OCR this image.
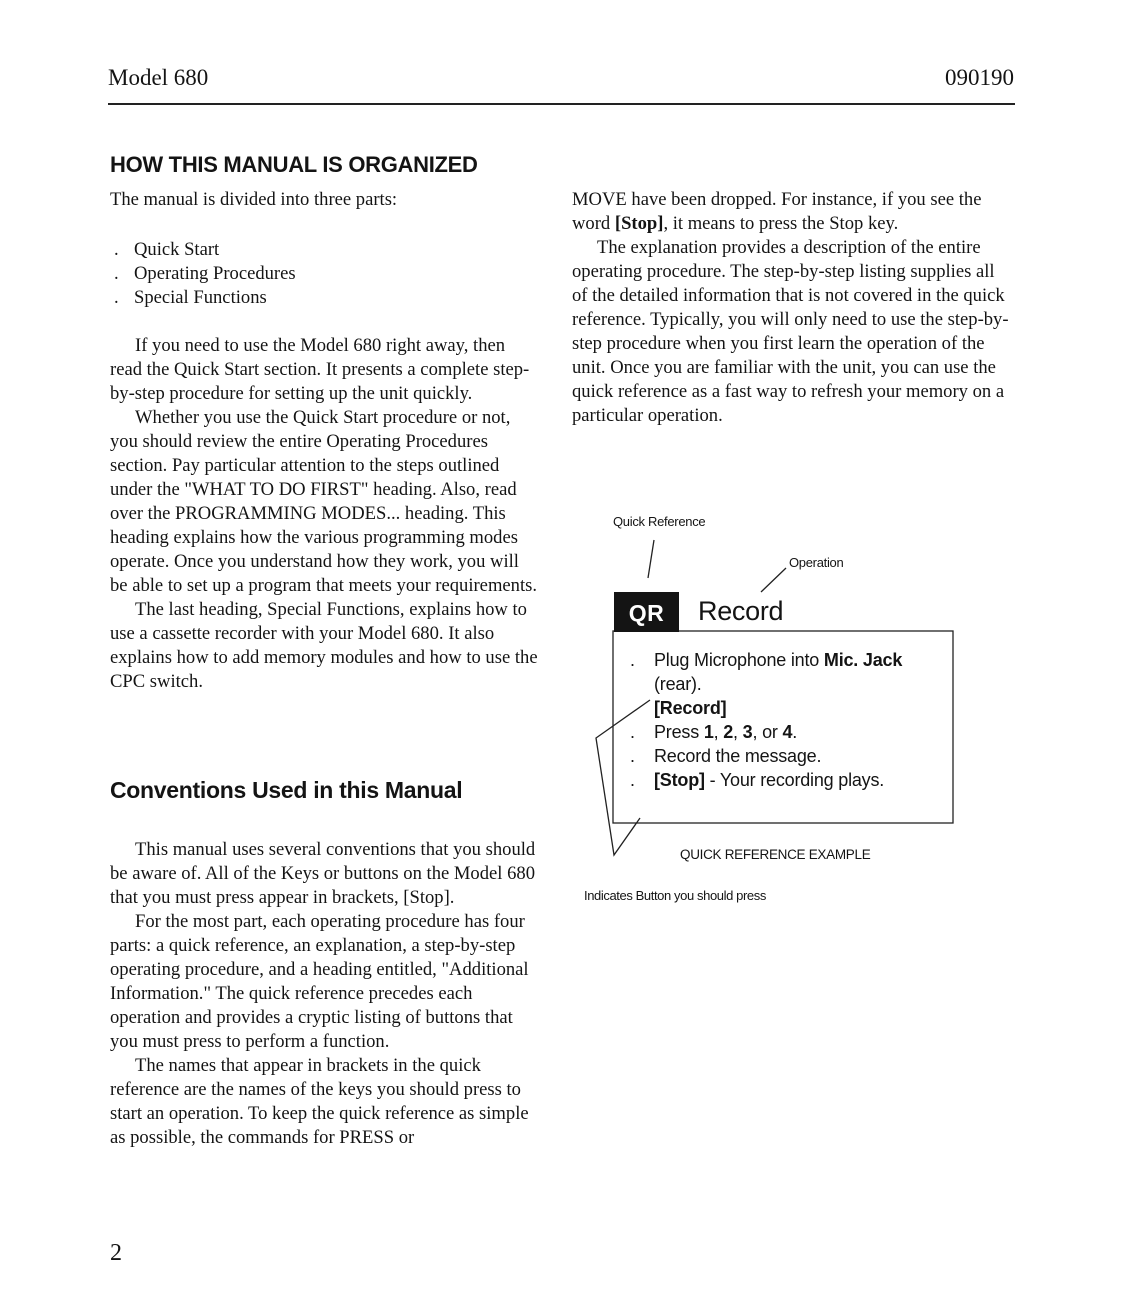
Model 680	090190
HOW THIS MANUAL IS ORGANIZED

The manual is divided into three parts:

. Quick Start
. Operating Procedures
. Special Functions

If you need to use the Model 680 right away, then read the Quick Start section. It presents a complete step-by-step procedure for setting up the unit quickly.

Whether you use the Quick Start procedure or not, you should review the entire Operating Procedures section. Pay particular attention to the steps outlined under the "WHAT TO DO FIRST" heading. Also, read over the PROGRAMMING MODES... heading. This heading explains how the various programming modes operate. Once you understand how they work, you will be able to set up a program that meets your requirements.

The last heading, Special Functions, explains how to use a cassette recorder with your Model 680. It also explains how to add memory modules and how to use the CPC switch.

Conventions Used in this Manual

This manual uses several conventions that you should be aware of. All of the Keys or buttons on the Model 680 that you must press appear in brackets, [Stop].

For the most part, each operating procedure has four parts: a quick reference, an explanation, a step-by-step operating procedure, and a heading entitled, "Additional Information." The quick reference precedes each operation and provides a cryptic listing of buttons that you must press to perform a function.

The names that appear in brackets in the quick reference are the names of the keys you should press to start an operation. To keep the quick reference as simple as possible, the commands for PRESS or

MOVE have been dropped. For instance, if you see the word [Stop], it means to press the Stop key.

The explanation provides a description of the entire operating procedure. The step-by-step listing supplies all of the detailed information that is not covered in the quick reference. Typically, you will only need to use the step-by-step procedure when you first learn the operation of the unit. Once you are familiar with the unit, you can use the quick reference as a fast way to refresh your memory on a particular operation.

Quick Reference
Operation
QR	Record
. Plug Microphone into Mic. Jack
(rear).
[Record]
. Press 1, 2, 3, or 4.
. Record the message.
. [Stop] - Your recording plays.
QUICK REFERENCE EXAMPLE
Indicates Button you should press
2
